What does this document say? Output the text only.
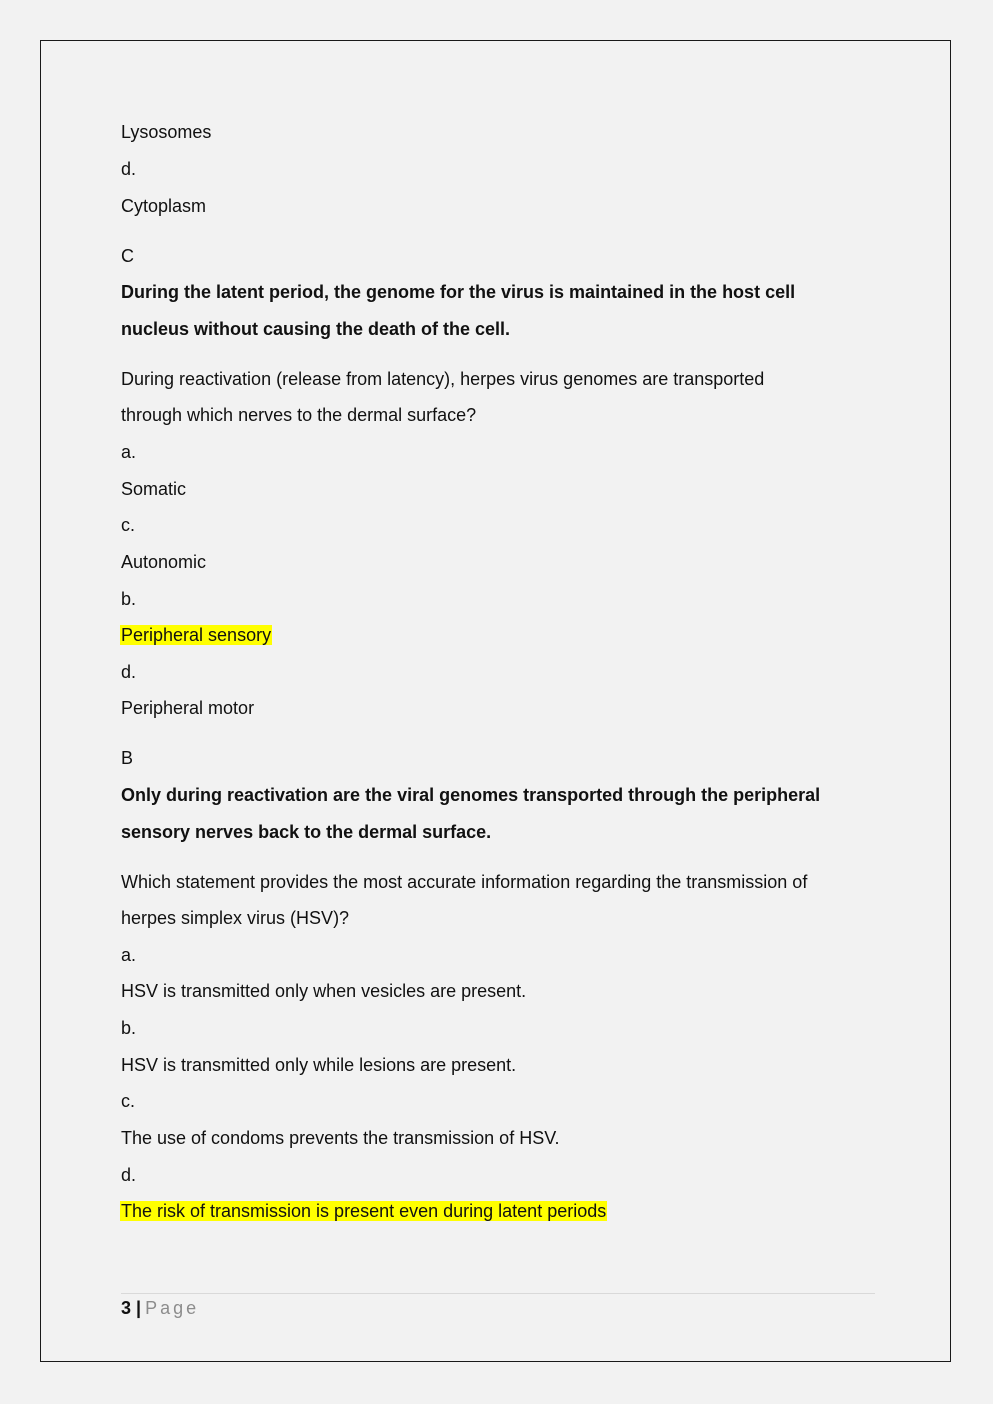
Lysosomes
d.
Cytoplasm
C
During the latent period, the genome for the virus is maintained in the host cell
nucleus without causing the death of the cell.
During reactivation (release from latency), herpes virus genomes are transported
through which nerves to the dermal surface?
a.
Somatic
c.
Autonomic
b.
Peripheral sensory
d.
Peripheral motor
B
Only during reactivation are the viral genomes transported through the peripheral
sensory nerves back to the dermal surface.
Which statement provides the most accurate information regarding the transmission of
herpes simplex virus (HSV)?
a.
HSV is transmitted only when vesicles are present.
b.
HSV is transmitted only while lesions are present.
c.
The use of condoms prevents the transmission of HSV.
d.
The risk of transmission is present even during latent periods
3 | Page
